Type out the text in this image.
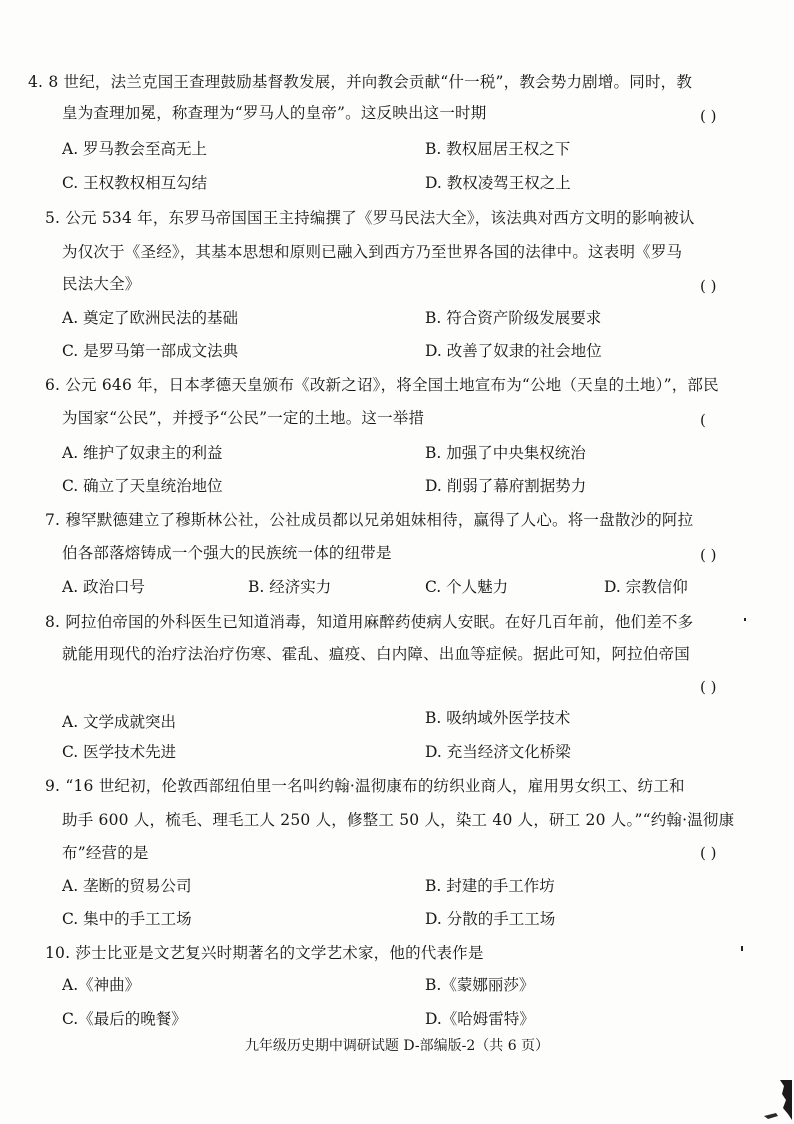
4. 8 世纪，法兰克国王查理鼓励基督教发展，并向教会贡献“什一税”，教会势力剧增。同时，教
皇为查理加冕，称查理为“罗马人的皇帝”。这反映出这一时期	( )
A. 罗马教会至高无上	B. 教权屈居王权之下
C. 王权教权相互勾结	D. 教权凌驾王权之上
5. 公元 534 年，东罗马帝国国王主持编撰了《罗马民法大全》，该法典对西方文明的影响被认
为仅次于《圣经》，其基本思想和原则已融入到西方乃至世界各国的法律中。这表明《罗马
民法大全》	( )
A. 奠定了欧洲民法的基础	B. 符合资产阶级发展要求
C. 是罗马第一部成文法典	D. 改善了奴隶的社会地位
6. 公元 646 年，日本孝德天皇颁布《改新之诏》，将全国土地宣布为“公地（天皇的土地）”，部民
为国家“公民”，并授予“公民”一定的土地。这一举措	(
A. 维护了奴隶主的利益	B. 加强了中央集权统治
C. 确立了天皇统治地位	D. 削弱了幕府割据势力
7. 穆罕默德建立了穆斯林公社，公社成员都以兄弟姐妹相待，赢得了人心。将一盘散沙的阿拉
伯各部落熔铸成一个强大的民族统一体的纽带是	( )
A. 政治口号	B. 经济实力	C. 个人魅力	D. 宗教信仰
8. 阿拉伯帝国的外科医生已知道消毒，知道用麻醉药使病人安眠。在好几百年前，他们差不多
就能用现代的治疗法治疗伤寒、霍乱、瘟疫、白内障、出血等症候。据此可知，阿拉伯帝国
( )
A. 文学成就突出	B. 吸纳域外医学技术
C. 医学技术先进	D. 充当经济文化桥梁
9. “16 世纪初，伦敦西部纽伯里一名叫约翰·温彻康布的纺织业商人，雇用男女织工、纺工和
助手 600 人，梳毛、理毛工人 250 人，修整工 50 人，染工 40 人，研工 20 人。”“约翰·温彻康
布”经营的是	( )
A. 垄断的贸易公司	B. 封建的手工作坊
C. 集中的手工工场	D. 分散的手工工场
10. 莎士比亚是文艺复兴时期著名的文学艺术家，他的代表作是
A.《神曲》	B.《蒙娜丽莎》
C.《最后的晚餐》	D.《哈姆雷特》
九年级历史期中调研试题 D-部编版-2（共 6 页）
